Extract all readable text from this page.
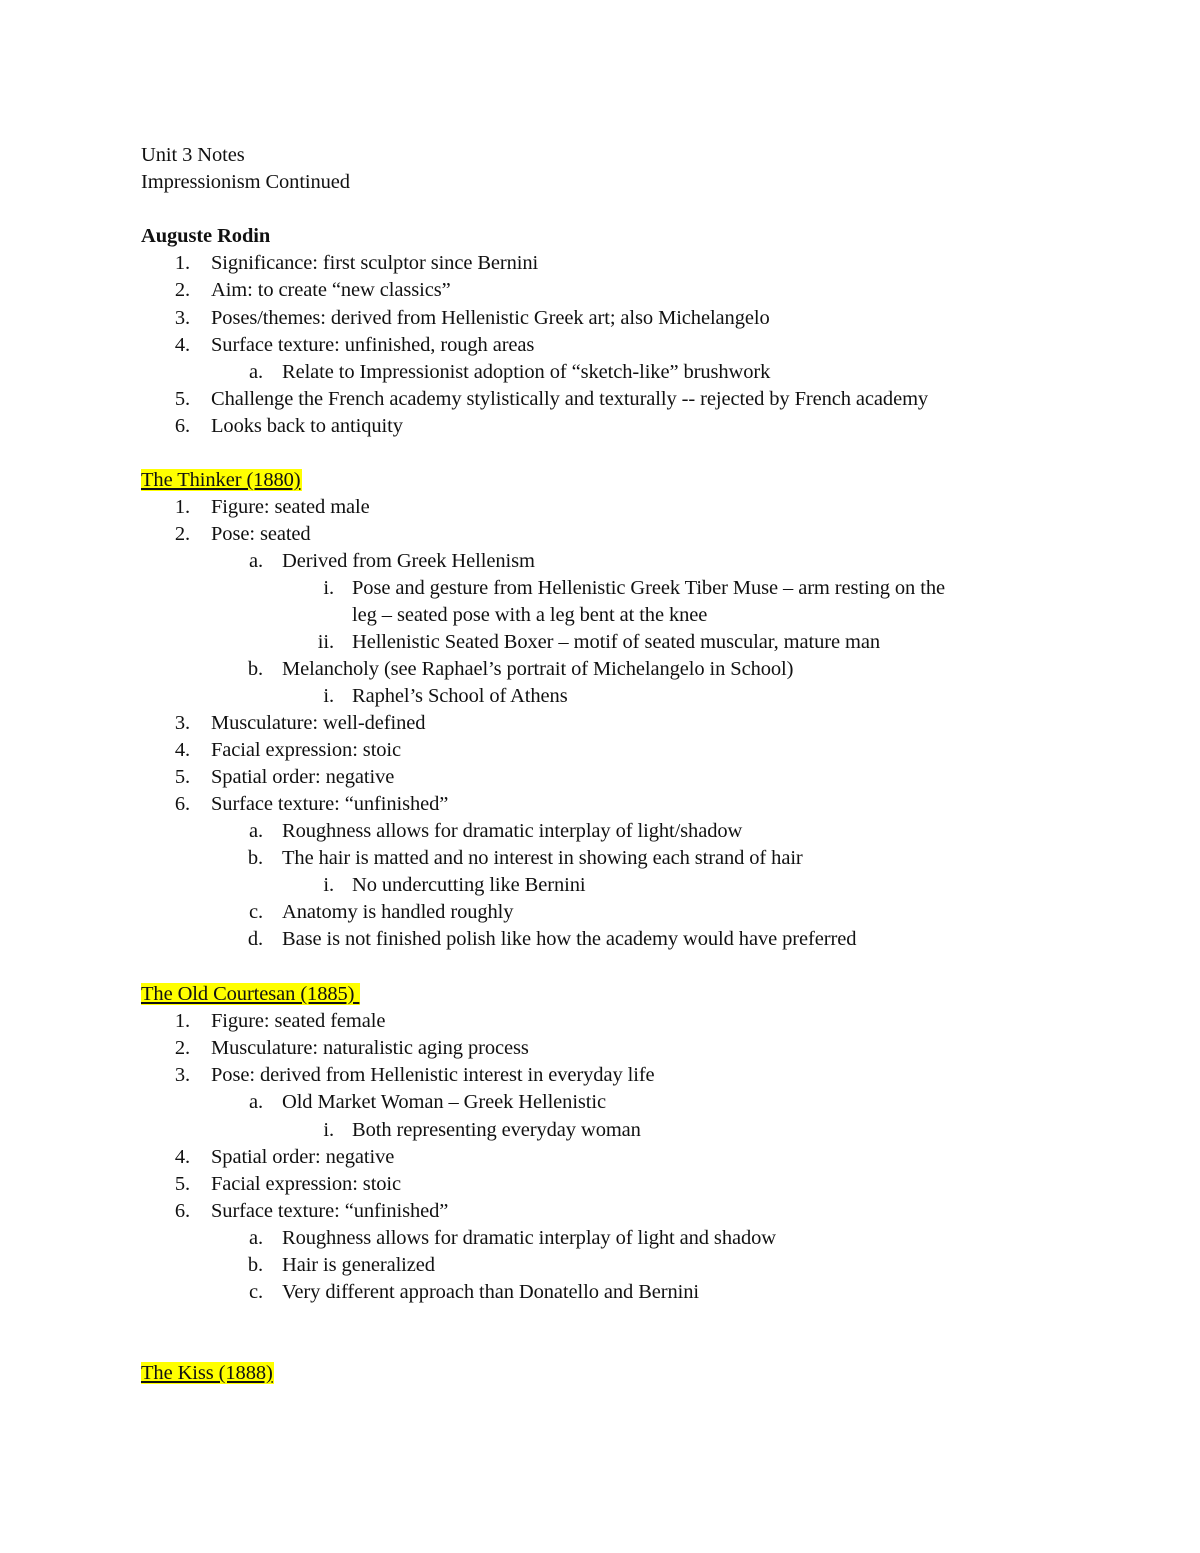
Unit 3 Notes
Impressionism Continued
Auguste Rodin
1. Significance: first sculptor since Bernini
2. Aim: to create “new classics”
3. Poses/themes: derived from Hellenistic Greek art; also Michelangelo
4. Surface texture: unfinished, rough areas
a. Relate to Impressionist adoption of “sketch-like” brushwork
5. Challenge the French academy stylistically and texturally -- rejected by French academy
6. Looks back to antiquity
The Thinker (1880)
1. Figure: seated male
2. Pose: seated
a. Derived from Greek Hellenism
i. Pose and gesture from Hellenistic Greek Tiber Muse – arm resting on the
leg – seated pose with a leg bent at the knee
ii. Hellenistic Seated Boxer – motif of seated muscular, mature man
b. Melancholy (see Raphael’s portrait of Michelangelo in School)
i. Raphel’s School of Athens
3. Musculature: well-defined
4. Facial expression: stoic
5. Spatial order: negative
6. Surface texture: “unfinished”
a. Roughness allows for dramatic interplay of light/shadow
b. The hair is matted and no interest in showing each strand of hair
i. No undercutting like Bernini
c. Anatomy is handled roughly
d. Base is not finished polish like how the academy would have preferred
The Old Courtesan (1885)
1. Figure: seated female
2. Musculature: naturalistic aging process
3. Pose: derived from Hellenistic interest in everyday life
a. Old Market Woman – Greek Hellenistic
i. Both representing everyday woman
4. Spatial order: negative
5. Facial expression: stoic
6. Surface texture: “unfinished”
a. Roughness allows for dramatic interplay of light and shadow
b. Hair is generalized
c. Very different approach than Donatello and Bernini
The Kiss (1888)
